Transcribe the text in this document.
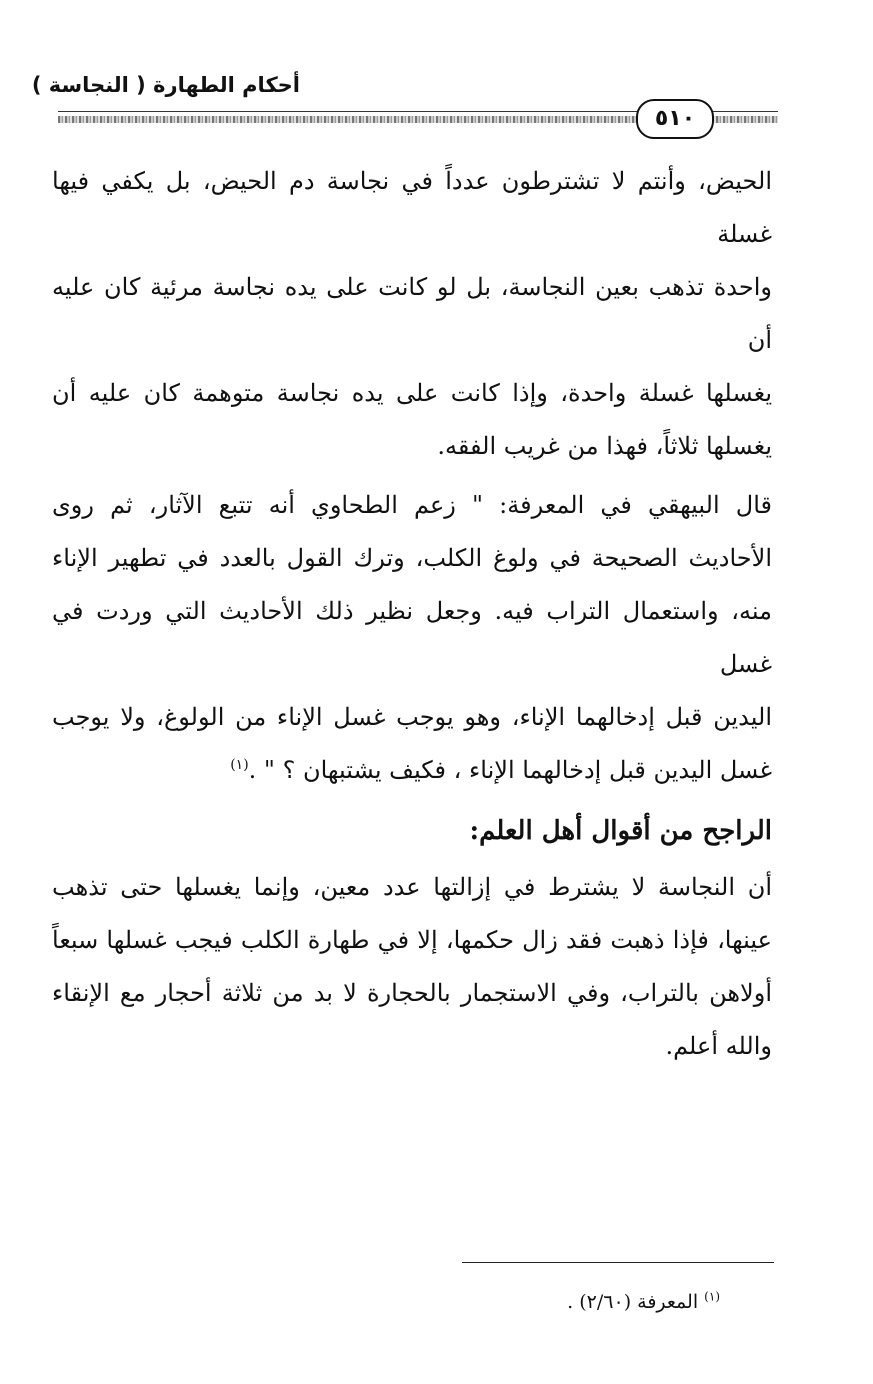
أحكام الطهارة ( النجاسة )
٥١٠

الحيض، وأنتم لا تشترطون عدداً في نجاسة دم الحيض، بل يكفي فيها غسلة

واحدة تذهب بعين النجاسة، بل لو كانت على يده نجاسة مرئية كان عليه أن

يغسلها غسلة واحدة، وإذا كانت على يده نجاسة متوهمة كان عليه أن

يغسلها ثلاثاً، فهذا من غريب الفقه.

قال البيهقي في المعرفة: " زعم الطحاوي أنه تتبع الآثار، ثم روى

الأحاديث الصحيحة في ولوغ الكلب، وترك القول بالعدد في تطهير الإناء

منه، واستعمال التراب فيه. وجعل نظير ذلك الأحاديث التي وردت في غسل

اليدين قبل إدخالهما الإناء، وهو يوجب غسل الإناء من الولوغ، ولا يوجب

غسل اليدين قبل إدخالهما الإناء ، فكيف يشتبهان ؟ " .$^{(١)}$

الراجح من أقوال أهل العلم:

أن النجاسة لا يشترط في إزالتها عدد معين، وإنما يغسلها حتى تذهب

عينها، فإذا ذهبت فقد زال حكمها، إلا في طهارة الكلب فيجب غسلها سبعاً

أولاهن بالتراب، وفي الاستجمار بالحجارة لا بد من ثلاثة أحجار مع الإنقاء

والله أعلم.

$^{(١)}$ المعرفة (٢/٦٠) .
